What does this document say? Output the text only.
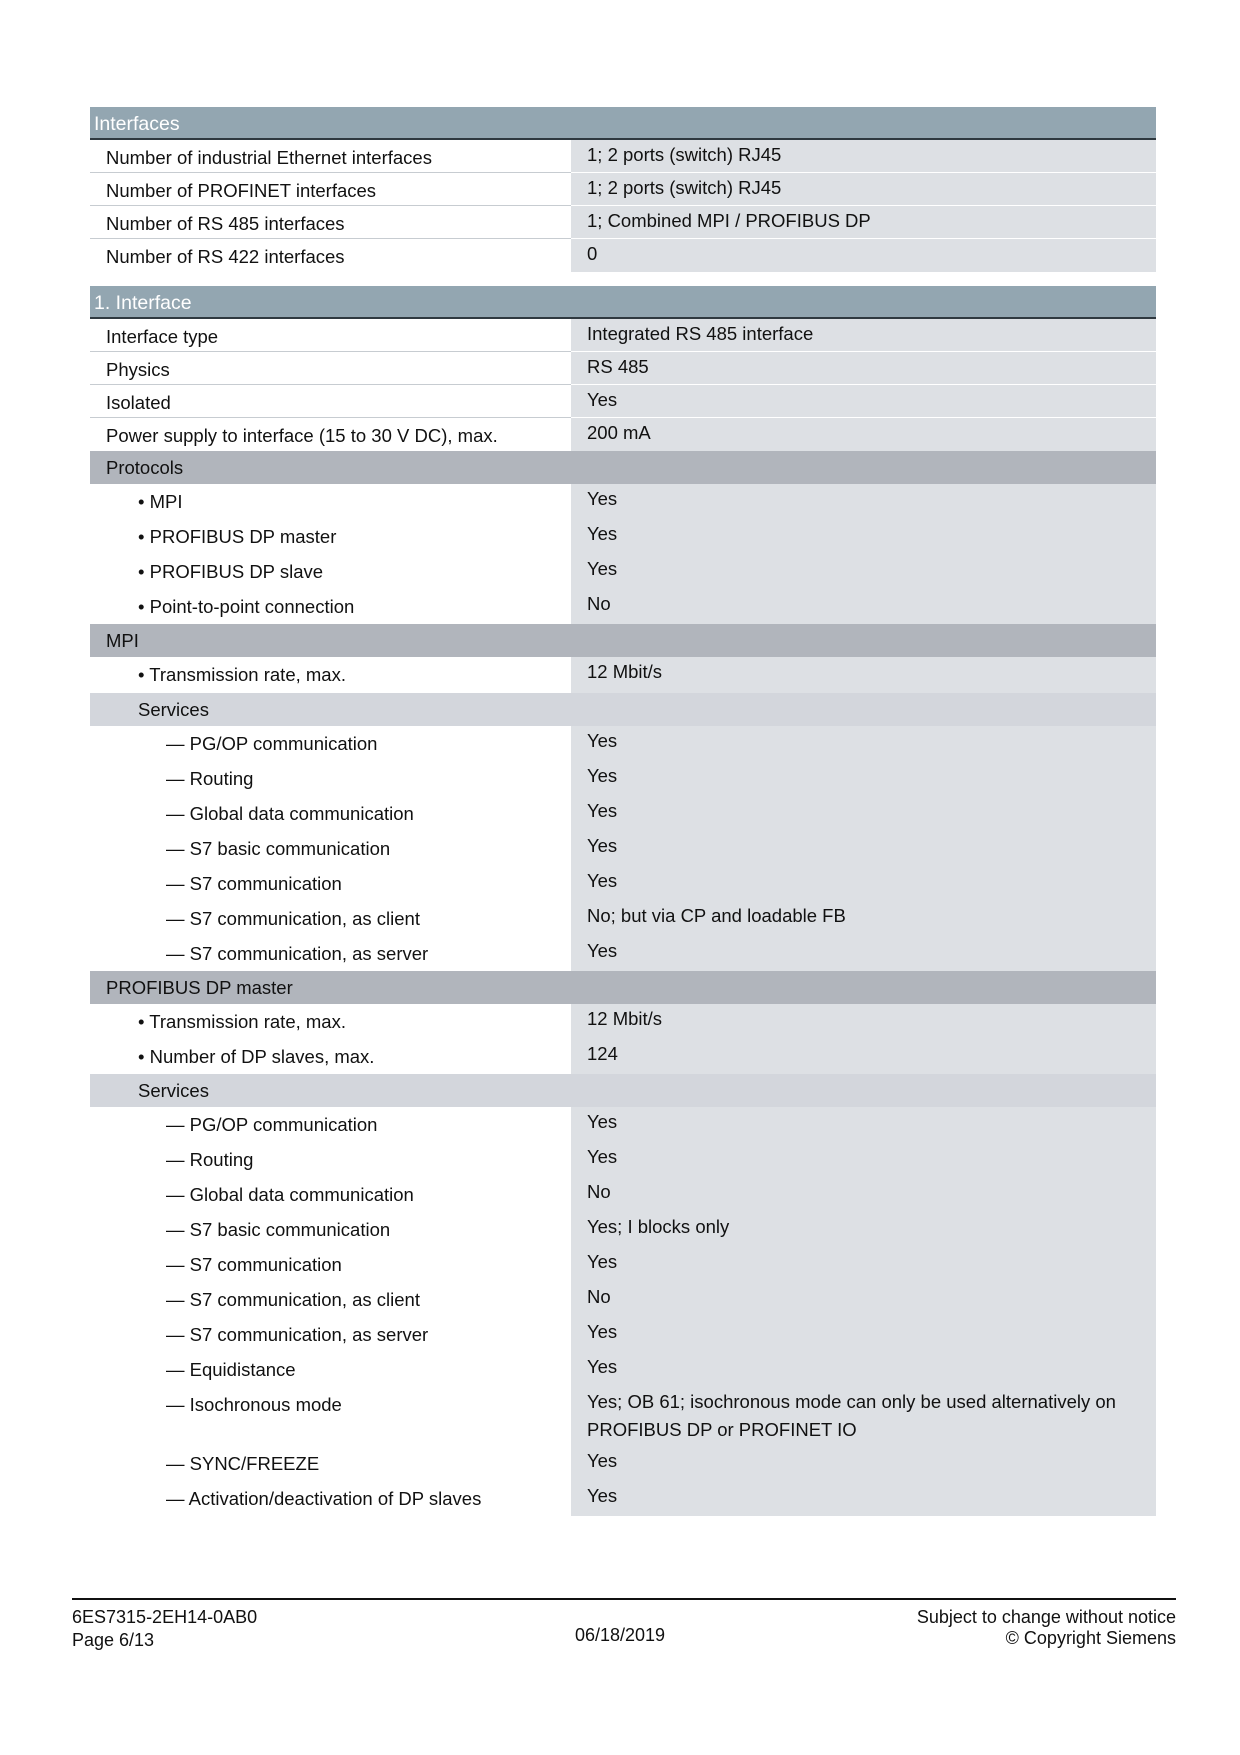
Interfaces
Number of industrial Ethernet interfaces	1; 2 ports (switch) RJ45
Number of PROFINET interfaces	1; 2 ports (switch) RJ45
Number of RS 485 interfaces	1; Combined MPI / PROFIBUS DP
Number of RS 422 interfaces	0
1. Interface
Interface type	Integrated RS 485 interface
Physics	RS 485
Isolated	Yes
Power supply to interface (15 to 30 V DC), max.	200 mA
Protocols
• MPI	Yes
• PROFIBUS DP master	Yes
• PROFIBUS DP slave	Yes
• Point-to-point connection	No
MPI
• Transmission rate, max.	12 Mbit/s
Services
— PG/OP communication	Yes
— Routing	Yes
— Global data communication	Yes
— S7 basic communication	Yes
— S7 communication	Yes
— S7 communication, as client	No; but via CP and loadable FB
— S7 communication, as server	Yes
PROFIBUS DP master
• Transmission rate, max.	12 Mbit/s
• Number of DP slaves, max.	124
Services
— PG/OP communication	Yes
— Routing	Yes
— Global data communication	No
— S7 basic communication	Yes; I blocks only
— S7 communication	Yes
— S7 communication, as client	No
— S7 communication, as server	Yes
— Equidistance	Yes
— Isochronous mode	Yes; OB 61; isochronous mode can only be used alternatively on PROFIBUS DP or PROFINET IO
— SYNC/FREEZE	Yes
— Activation/deactivation of DP slaves	Yes
6ES7315-2EH14-0AB0
Page 6/13	06/18/2019
Subject to change without notice
© Copyright Siemens
